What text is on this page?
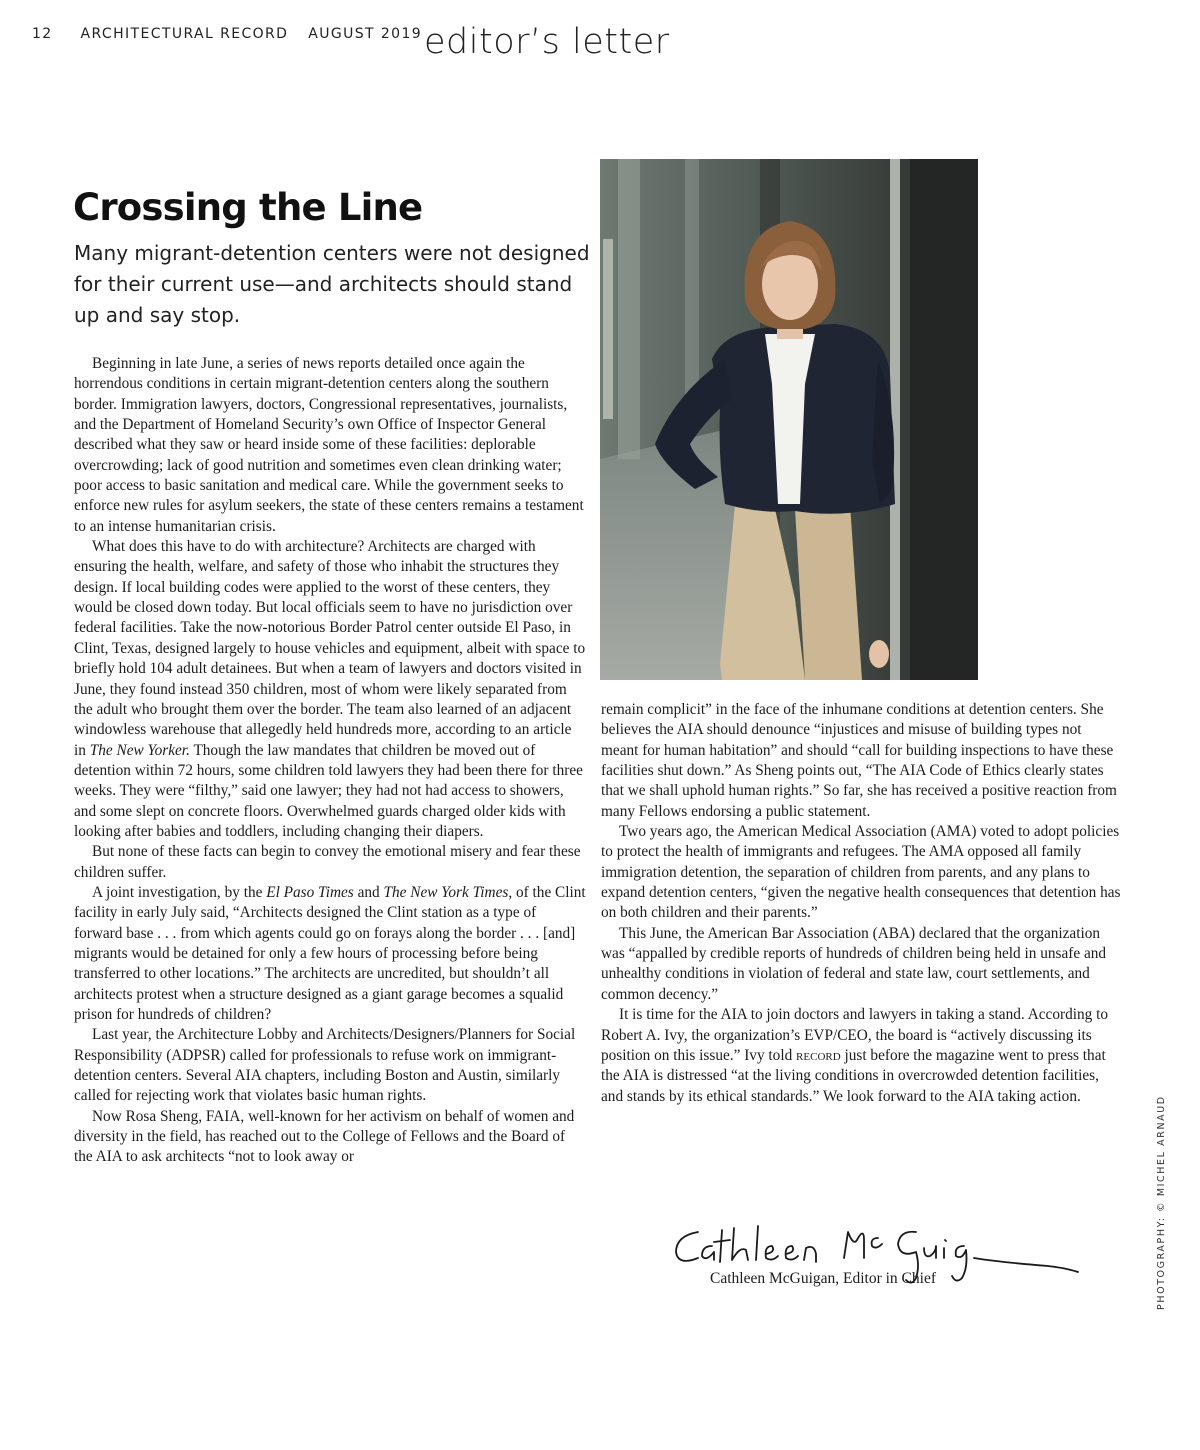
12 ARCHITECTURAL RECORD AUGUST 2019 editor’s letter
Crossing the Line

Many migrant-detention centers were not designed for their current use—and architects should stand up and say stop.

Beginning in late June, a series of news reports detailed once again the horrendous conditions in certain migrant-detention centers along the southern border. Immigration lawyers, doctors, Congressional representatives, journalists, and the Department of Homeland Security’s own Office of Inspector General described what they saw or heard inside some of these facilities: deplorable overcrowding; lack of good nutrition and sometimes even clean drinking water; poor access to basic sanitation and medical care. While the government seeks to enforce new rules for asylum seekers, the state of these centers remains a testament to an intense humanitarian crisis.

What does this have to do with architecture? Architects are charged with ensuring the health, welfare, and safety of those who inhabit the structures they design. If local building codes were applied to the worst of these centers, they would be closed down today. But local officials seem to have no jurisdiction over federal facilities. Take the now-notorious Border Patrol center outside El Paso, in Clint, Texas, designed largely to house vehicles and equipment, albeit with space to briefly hold 104 adult detainees. But when a team of lawyers and doctors visited in June, they found instead 350 children, most of whom were likely separated from the adult who brought them over the border. The team also learned of an adjacent windowless warehouse that allegedly held hundreds more, according to an article in The New Yorker. Though the law mandates that children be moved out of detention within 72 hours, some children told lawyers they had been there for three weeks. They were “filthy,” said one lawyer; they had not had access to showers, and some slept on concrete floors. Overwhelmed guards charged older kids with looking after babies and toddlers, including changing their diapers.

But none of these facts can begin to convey the emotional misery and fear these children suffer.

A joint investigation, by the El Paso Times and The New York Times, of the Clint facility in early July said, “Architects designed the Clint station as a type of forward base . . . from which agents could go on forays along the border . . . [and] migrants would be detained for only a few hours of processing before being transferred to other locations.” The architects are uncredited, but shouldn’t all architects protest when a structure designed as a giant garage becomes a squalid prison for hundreds of children?

Last year, the Architecture Lobby and Architects/Designers/Planners for Social Responsibility (ADPSR) called for professionals to refuse work on immigrant-detention centers. Several AIA chapters, including Boston and Austin, similarly called for rejecting work that violates basic human rights.

Now Rosa Sheng, FAIA, well-known for her activism on behalf of women and diversity in the field, has reached out to the College of Fellows and the Board of the AIA to ask architects “not to look away or

remain complicit” in the face of the inhumane conditions at detention centers. She believes the AIA should denounce “injustices and misuse of building types not meant for human habitation” and should “call for building inspections to have these facilities shut down.” As Sheng points out, “The AIA Code of Ethics clearly states that we shall uphold human rights.” So far, she has received a positive reaction from many Fellows endorsing a public statement.

Two years ago, the American Medical Association (AMA) voted to adopt policies to protect the health of immigrants and refugees. The AMA opposed all family immigration detention, the separation of children from parents, and any plans to expand detention centers, “given the negative health consequences that detention has on both children and their parents.”

This June, the American Bar Association (ABA) declared that the organization was “appalled by credible reports of hundreds of children being held in unsafe and unhealthy conditions in violation of federal and state law, court settlements, and common decency.”

It is time for the AIA to join doctors and lawyers in taking a stand. According to Robert A. Ivy, the organization’s EVP/CEO, the board is “actively discussing its position on this issue.” Ivy told record just before the magazine went to press that the AIA is distressed “at the living conditions in overcrowded detention facilities, and stands by its ethical standards.” We look forward to the AIA taking action.

Cathleen McGuigan, Editor in Chief	PHOTOGRAPHY: © MICHEL ARNAUD
